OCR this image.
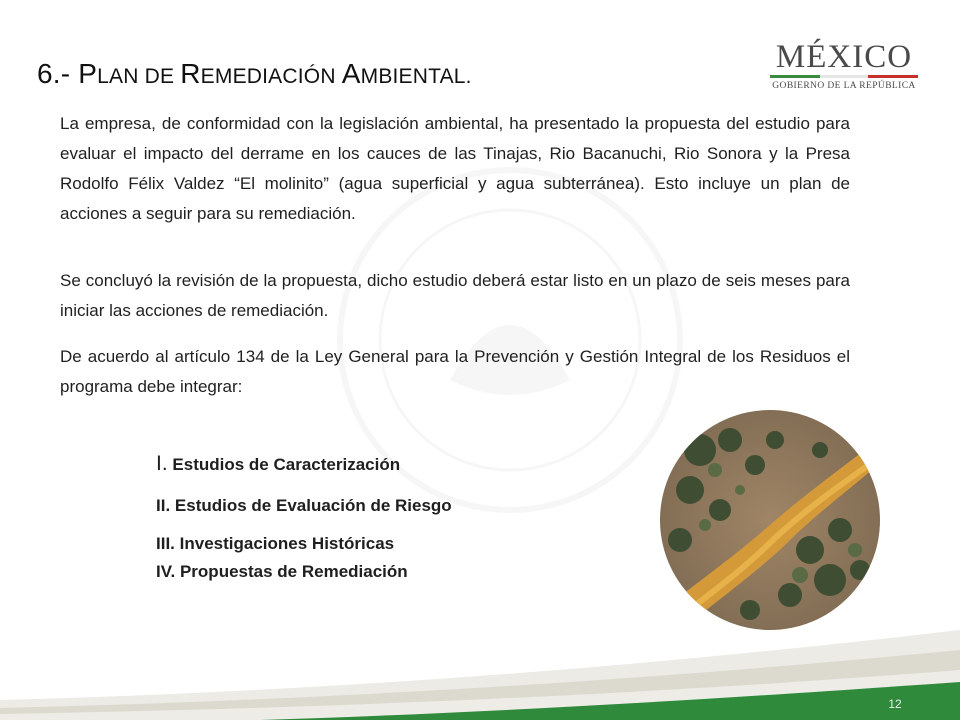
6.- PLAN DE REMEDIACIÓN AMBIENTAL.
MÉXICO
GOBIERNO DE LA REPÚBLICA

La empresa, de conformidad con la legislación ambiental, ha presentado la propuesta del estudio para evaluar el impacto del derrame en los cauces de las Tinajas, Rio Bacanuchi, Rio Sonora y la Presa Rodolfo Félix Valdez “El molinito” (agua superficial y agua subterránea). Esto incluye un plan de acciones a seguir para su remediación.

Se concluyó la revisión de la propuesta, dicho estudio deberá estar listo en un plazo de seis meses para iniciar las acciones de remediación.

De acuerdo al artículo 134 de la Ley General para la Prevención y Gestión Integral de los Residuos el programa debe integrar:

I. Estudios de Caracterización
II. Estudios de Evaluación de Riesgo
III. Investigaciones Históricas
IV. Propuestas de Remediación
12
